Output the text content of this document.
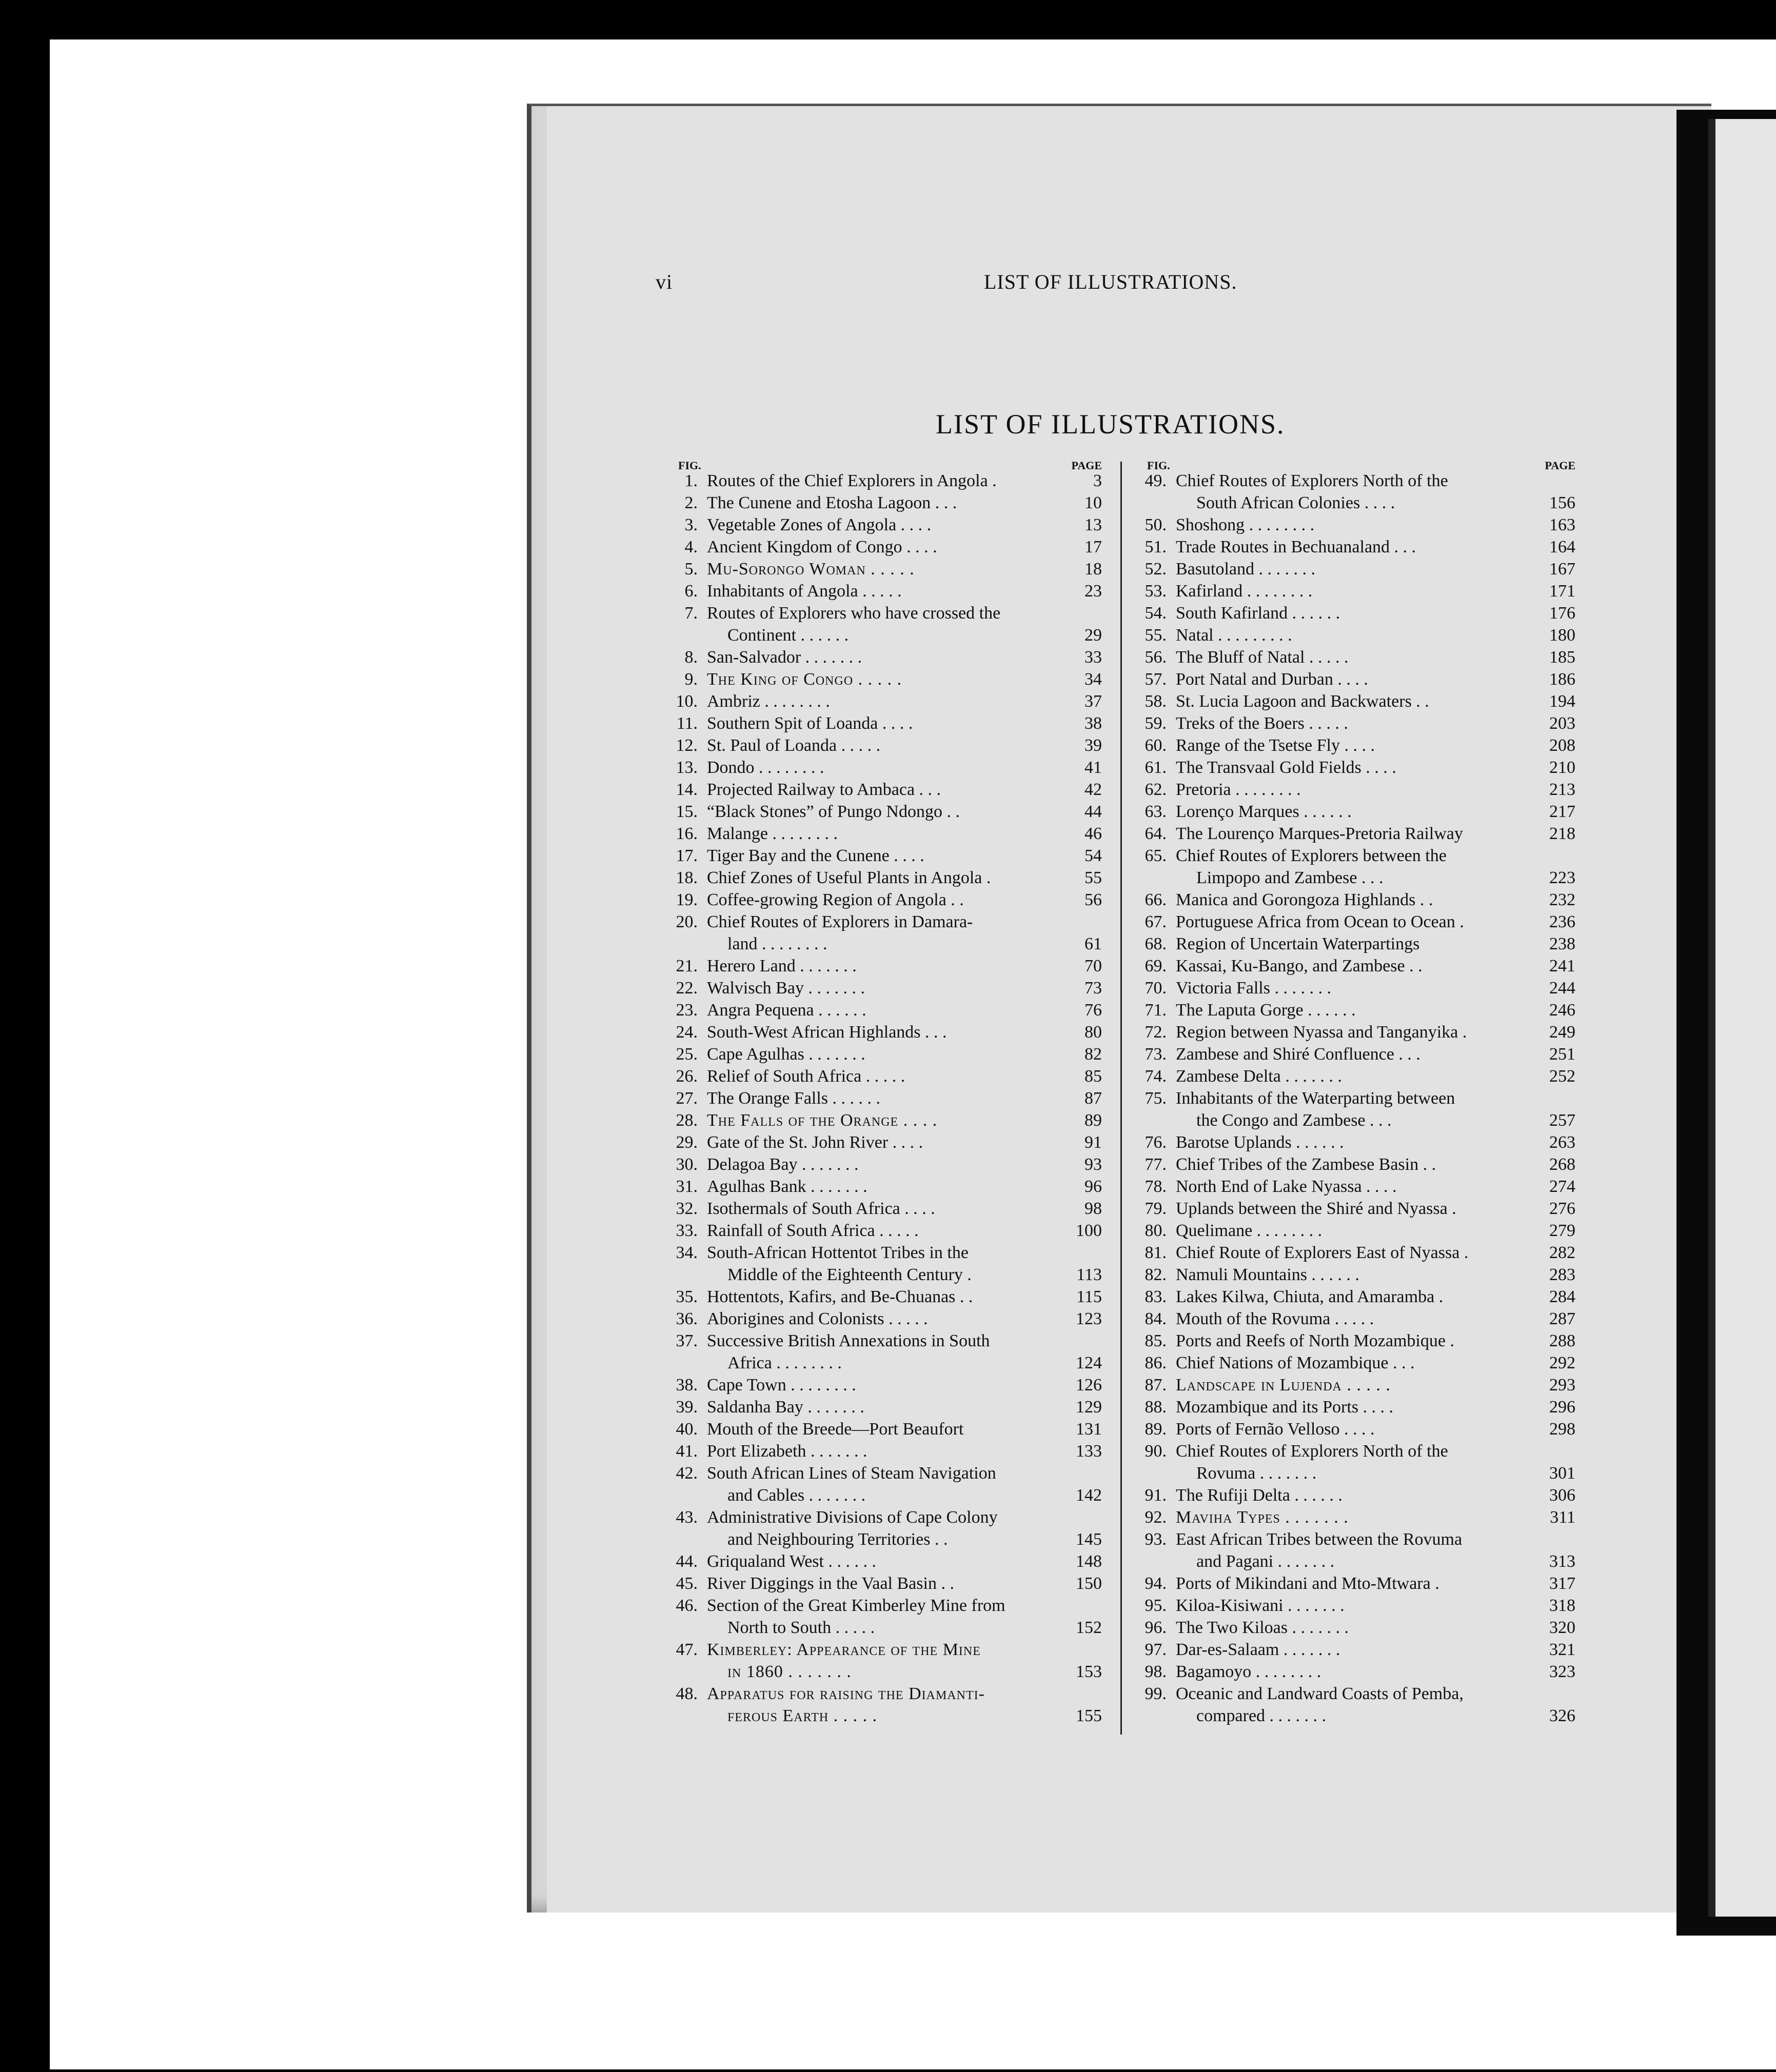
vi	LIST OF ILLUSTRATIONS.
LIST OF ILLUSTRATIONS.
FIG.	PAGE
1. Routes of the Chief Explorers in Angola .	3
2. The Cunene and Etosha Lagoon . . .	10
3. Vegetable Zones of Angola . . . .	13
4. Ancient Kingdom of Congo . . . .	17
5. Mu-Sorongo Woman . . . . .	18
6. Inhabitants of Angola . . . . .	23
7. Routes of Explorers who have crossed the
Continent . . . . . .	29
8. San-Salvador . . . . . . .	33
9. The King of Congo . . . . .	34
10. Ambriz . . . . . . . .	37
11. Southern Spit of Loanda . . . .	38
12. St. Paul of Loanda . . . . .	39
13. Dondo . . . . . . . .	41
14. Projected Railway to Ambaca . . .	42
15. “Black Stones” of Pungo Ndongo . .	44
16. Malange . . . . . . . .	46
17. Tiger Bay and the Cunene . . . .	54
18. Chief Zones of Useful Plants in Angola .	55
19. Coffee-growing Region of Angola . .	56
20. Chief Routes of Explorers in Damara-
land . . . . . . . .	61
21. Herero Land . . . . . . .	70
22. Walvisch Bay . . . . . . .	73
23. Angra Pequena . . . . . .	76
24. South-West African Highlands . . .	80
25. Cape Agulhas . . . . . . .	82
26. Relief of South Africa . . . . .	85
27. The Orange Falls . . . . . .	87
28. The Falls of the Orange . . . .	89
29. Gate of the St. John River . . . .	91
30. Delagoa Bay . . . . . . .	93
31. Agulhas Bank . . . . . . .	96
32. Isothermals of South Africa . . . .	98
33. Rainfall of South Africa . . . . .	100
34. South-African Hottentot Tribes in the
Middle of the Eighteenth Century .	113
35. Hottentots, Kafirs, and Be-Chuanas . .	115
36. Aborigines and Colonists . . . . .	123
37. Successive British Annexations in South
Africa . . . . . . . .	124
38. Cape Town . . . . . . . .	126
39. Saldanha Bay . . . . . . .	129
40. Mouth of the Breede—Port Beaufort	131
41. Port Elizabeth . . . . . . .	133
42. South African Lines of Steam Navigation
and Cables . . . . . . .	142
43. Administrative Divisions of Cape Colony
and Neighbouring Territories . .	145
44. Griqualand West . . . . . .	148
45. River Diggings in the Vaal Basin . .	150
46. Section of the Great Kimberley Mine from
North to South . . . . .	152
47. Kimberley: Appearance of the Mine
in 1860 . . . . . . .	153
48. Apparatus for raising the Diamanti-
ferous Earth . . . . .	155
FIG.	PAGE
49. Chief Routes of Explorers North of the
South African Colonies . . . .	156
50. Shoshong . . . . . . . .	163
51. Trade Routes in Bechuanaland . . .	164
52. Basutoland . . . . . . .	167
53. Kafirland . . . . . . . .	171
54. South Kafirland . . . . . .	176
55. Natal . . . . . . . . .	180
56. The Bluff of Natal . . . . .	185
57. Port Natal and Durban . . . .	186
58. St. Lucia Lagoon and Backwaters . .	194
59. Treks of the Boers . . . . .	203
60. Range of the Tsetse Fly . . . .	208
61. The Transvaal Gold Fields . . . .	210
62. Pretoria . . . . . . . .	213
63. Lorenço Marques . . . . . .	217
64. The Lourenço Marques-Pretoria Railway	218
65. Chief Routes of Explorers between the
Limpopo and Zambese . . .	223
66. Manica and Gorongoza Highlands . .	232
67. Portuguese Africa from Ocean to Ocean .	236
68. Region of Uncertain Waterpartings	238
69. Kassai, Ku-Bango, and Zambese . .	241
70. Victoria Falls . . . . . . .	244
71. The Laputa Gorge . . . . . .	246
72. Region between Nyassa and Tanganyika .	249
73. Zambese and Shiré Confluence . . .	251
74. Zambese Delta . . . . . . .	252
75. Inhabitants of the Waterparting between
the Congo and Zambese . . .	257
76. Barotse Uplands . . . . . .	263
77. Chief Tribes of the Zambese Basin . .	268
78. North End of Lake Nyassa . . . .	274
79. Uplands between the Shiré and Nyassa .	276
80. Quelimane . . . . . . . .	279
81. Chief Route of Explorers East of Nyassa .	282
82. Namuli Mountains . . . . . .	283
83. Lakes Kilwa, Chiuta, and Amaramba .	284
84. Mouth of the Rovuma . . . . .	287
85. Ports and Reefs of North Mozambique .	288
86. Chief Nations of Mozambique . . .	292
87. Landscape in Lujenda . . . . .	293
88. Mozambique and its Ports . . . .	296
89. Ports of Fernão Velloso . . . .	298
90. Chief Routes of Explorers North of the
Rovuma . . . . . . .	301
91. The Rufiji Delta . . . . . .	306
92. Maviha Types . . . . . . .	311
93. East African Tribes between the Rovuma
and Pagani . . . . . . .	313
94. Ports of Mikindani and Mto-Mtwara .	317
95. Kiloa-Kisiwani . . . . . . .	318
96. The Two Kiloas . . . . . . .	320
97. Dar-es-Salaam . . . . . . .	321
98. Bagamoyo . . . . . . . .	323
99. Oceanic and Landward Coasts of Pemba,
compared . . . . . . .	326
